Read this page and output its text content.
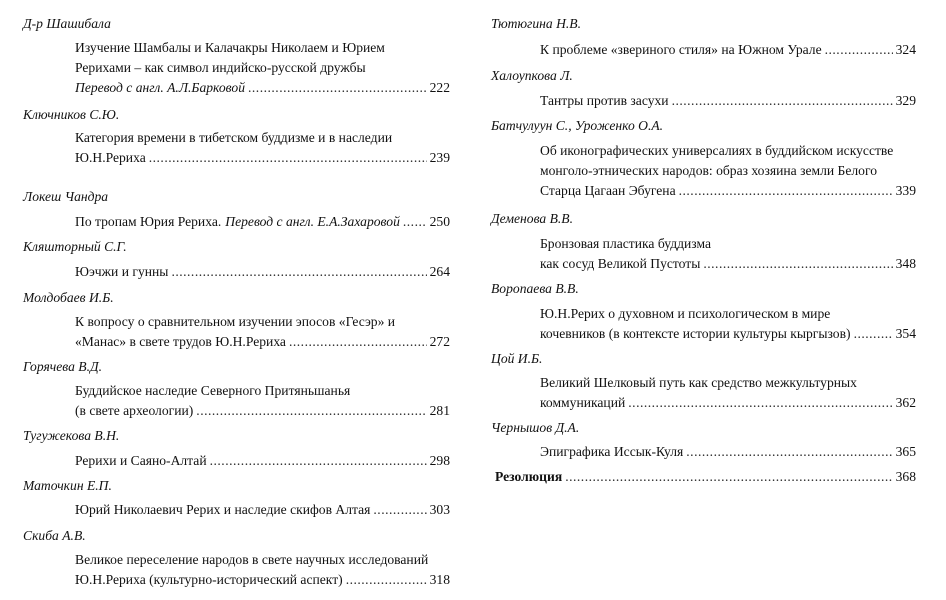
Д-р Шашибала
Изучение Шамбалы и Калачакры Николаем и Юрием
Рерихами – как символ индийско-русской дружбы
Перевод с англ. А.Л.Барковой .....	222
Ключников С.Ю.
Категория времени в тибетском буддизме и в наследии
Ю.Н.Рериха .....	239
Локеш Чандра
По тропам Юрия Рериха. Перевод с англ. Е.А.Захаровой ..... 250
Кляшторный С.Г.
Юэчжи и гунны .....	264
Молдобаев И.Б.
К вопросу о сравнительном изучении эпосов «Гесэр» и
«Манас» в свете трудов Ю.Н.Рериха .....	272
Горячева В.Д.
Буддийское наследие Северного Притяньшанья
(в свете археологии) .....	281
Тугужекова В.Н.
Рерихи и Саяно-Алтай .....	298
Маточкин Е.П.
Юрий Николаевич Рерих и наследие скифов Алтая .....	303
Скиба А.В.
Великое переселение народов в свете научных исследований
Ю.Н.Рериха (культурно-исторический аспект) .....	318
Тютюгина Н.В.
К проблеме «звериного стиля» на Южном Урале .....	324
Халоупкова Л.
Тантры против засухи .....	329
Батчулуун С., Уроженко О.А.
Об иконографических универсалиях в буддийском искусстве
монголо-этнических народов: образ хозяина земли Белого
Старца Цагаан Эбугена .....	339
Деменова В.В.
Бронзовая пластика буддизма
как сосуд Великой Пустоты .....	348
Воропаева В.В.
Ю.Н.Рерих о духовном и психологическом в мире
кочевников (в контексте истории культуры кыргызов) .....	354
Цой И.Б.
Великий Шелковый путь как средство межкультурных
коммуникаций .....	362
Чернышов Д.А.
Эпиграфика Иссык-Куля .....	365
Резолюция .....	368
